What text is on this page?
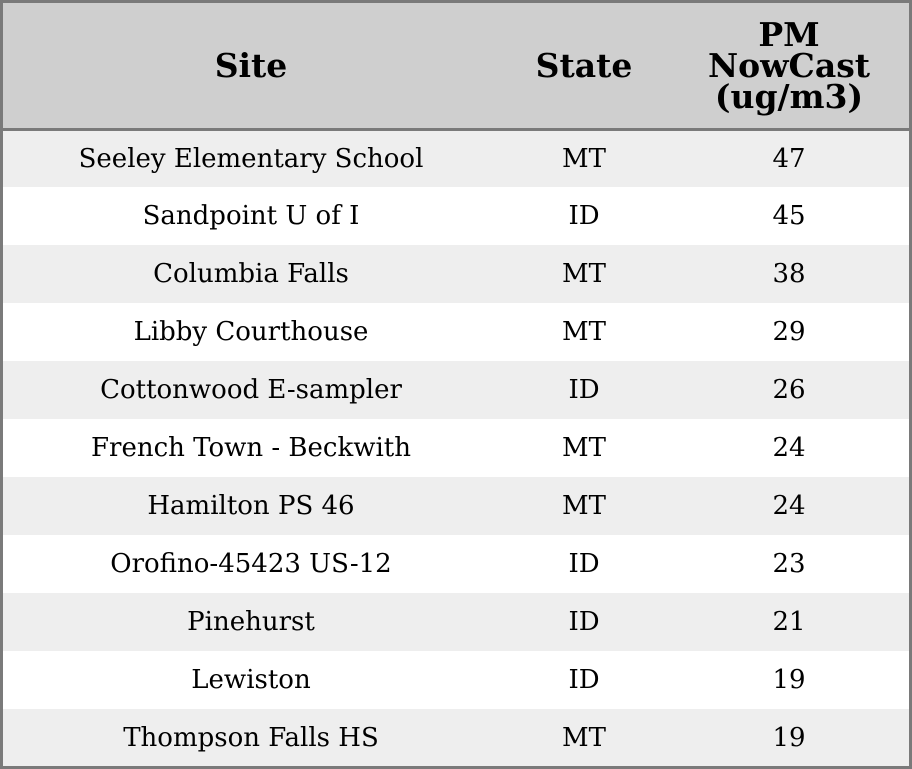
Site	State	PM
NowCast
(ug/m3)

Seeley Elementary School	MT	47
Sandpoint U of I	ID	45
Columbia Falls	MT	38
Libby Courthouse	MT	29
Cottonwood E-sampler	ID	26
French Town - Beckwith	MT	24
Hamilton PS 46	MT	24
Orofino-45423 US-12	ID	23
Pinehurst	ID	21
Lewiston	ID	19
Thompson Falls HS	MT	19
